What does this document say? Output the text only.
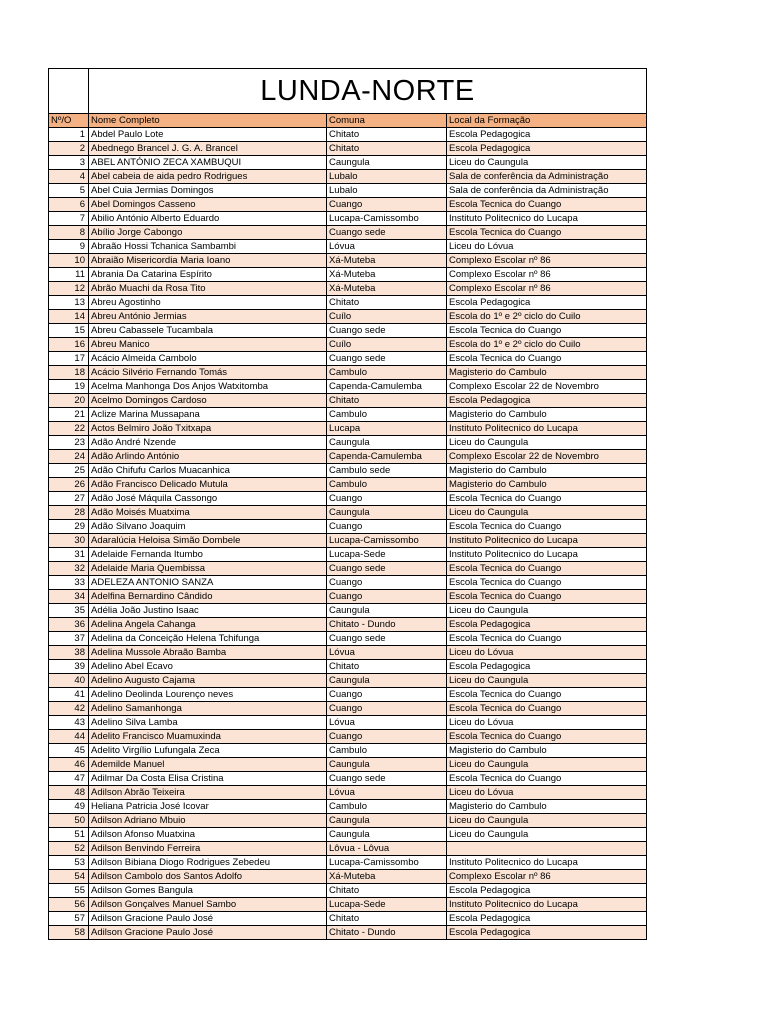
	LUNDA-NORTE		
Nº/O	Nome Completo	Comuna	Local da Formação
1	Abdel Paulo Lote	Chitato	Escola Pedagogica
2	Abednego Brancel J. G. A. Brancel	Chitato	Escola Pedagogica
3	ABEL ANTÓNIO ZECA XAMBUQUI	Caungula	Liceu do Caungula
4	Abel cabeia de aida pedro Rodrigues	Lubalo	Sala de conferência da Administração
5	Abel Cuia Jermias Domingos	Lubalo	Sala de conferência da Administração
6	Abel Domingos Casseno	Cuango	Escola Tecnica do Cuango
7	Abilio António Alberto Eduardo	Lucapa-Camissombo	Instituto Politecnico do Lucapa
8	Abílio Jorge Cabongo	Cuango sede	Escola Tecnica do Cuango
9	Abraão Hossi Tchanica Sambambi	Lóvua	Liceu do Lóvua
10	Abraião Misericordia Maria Ioano	Xá-Muteba	Complexo Escolar nº 86
11	Abrania Da Catarina Espírito	Xá-Muteba	Complexo Escolar nº 86
12	Abrão Muachi da Rosa Tito	Xá-Muteba	Complexo Escolar nº 86
13	Abreu Agostinho	Chitato	Escola Pedagogica
14	Abreu António Jermias	Cuílo	Escola do 1º e 2º ciclo do Cuilo
15	Abreu Cabassele Tucambala	Cuango sede	Escola Tecnica do Cuango
16	Abreu Manico	Cuílo	Escola do 1º e 2º ciclo do Cuilo
17	Acácio Almeida Cambolo	Cuango sede	Escola Tecnica do Cuango
18	Acácio Silvério Fernando Tomás	Cambulo	Magisterio do Cambulo
19	Acelma Manhonga Dos Anjos Watxitomba	Capenda-Camulemba	Complexo Escolar 22 de Novembro
20	Acelmo Domingos Cardoso	Chitato	Escola Pedagogica
21	Aclize Marina Mussapana	Cambulo	Magisterio do Cambulo
22	Actos Belmiro João Txitxapa	Lucapa	Instituto Politecnico do Lucapa
23	Adão André Nzende	Caungula	Liceu do Caungula
24	Adão Arlindo António	Capenda-Camulemba	Complexo Escolar 22 de Novembro
25	Adão Chifufu Carlos Muacanhica	Cambulo sede	Magisterio do Cambulo
26	Adão Francisco Delicado Mutula	Cambulo	Magisterio do Cambulo
27	Adão José Máquila Cassongo	Cuango	Escola Tecnica do Cuango
28	Adão Moisés Muatxima	Caungula	Liceu do Caungula
29	Adão Silvano Joaquim	Cuango	Escola Tecnica do Cuango
30	Adaralúcia Heloisa Simão Dombele	Lucapa-Camissombo	Instituto Politecnico do Lucapa
31	Adelaide Fernanda Itumbo	Lucapa-Sede	Instituto Politecnico do Lucapa
32	Adelaide Maria Quembissa	Cuango sede	Escola Tecnica do Cuango
33	ADELEZA ANTONIO SANZA	Cuango	Escola Tecnica do Cuango
34	Adelfina Bernardino Cândido	Cuango	Escola Tecnica do Cuango
35	Adélia João Justino Isaac	Caungula	Liceu do Caungula
36	Adelina Angela Cahanga	Chitato - Dundo	Escola Pedagogica
37	Adelina da Conceição Helena Tchifunga	Cuango sede	Escola Tecnica do Cuango
38	Adelina Mussole Abraão Bamba	Lóvua	Liceu do Lóvua
39	Adelino Abel Ecavo	Chitato	Escola Pedagogica
40	Adelino Augusto Cajama	Caungula	Liceu do Caungula
41	Adelino Deolinda Lourenço neves	Cuango	Escola Tecnica do Cuango
42	Adelino Samanhonga	Cuango	Escola Tecnica do Cuango
43	Adelino Silva Lamba	Lóvua	Liceu do Lóvua
44	Adelito Francisco Muamuxinda	Cuango	Escola Tecnica do Cuango
45	Adelito Virgílio Lufungala Zeca	Cambulo	Magisterio do Cambulo
46	Ademilde Manuel	Caungula	Liceu do Caungula
47	Adilmar Da Costa Elisa Cristina	Cuango sede	Escola Tecnica do Cuango
48	Adilson Abrão Teixeira	Lóvua	Liceu do Lóvua
49	Heliana Patricia José Icovar	Cambulo	Magisterio do Cambulo
50	Adilson Adriano Mbuio	Caungula	Liceu do Caungula
51	Adilson Afonso Muatxina	Caungula	Liceu do Caungula
52	Adilson Benvindo Ferreira	Lôvua - Lôvua	
53	Adilson Bibiana Diogo Rodrigues Zebedeu	Lucapa-Camissombo	Instituto Politecnico do Lucapa
54	Adilson Cambolo dos Santos Adolfo	Xá-Muteba	Complexo Escolar nº 86
55	Adilson Gomes Bangula	Chitato	Escola Pedagogica
56	Adilson Gonçalves Manuel Sambo	Lucapa-Sede	Instituto Politecnico do Lucapa
57	Adilson Gracione Paulo José	Chitato	Escola Pedagogica
58	Adilson Gracione Paulo José	Chitato - Dundo	Escola Pedagogica
